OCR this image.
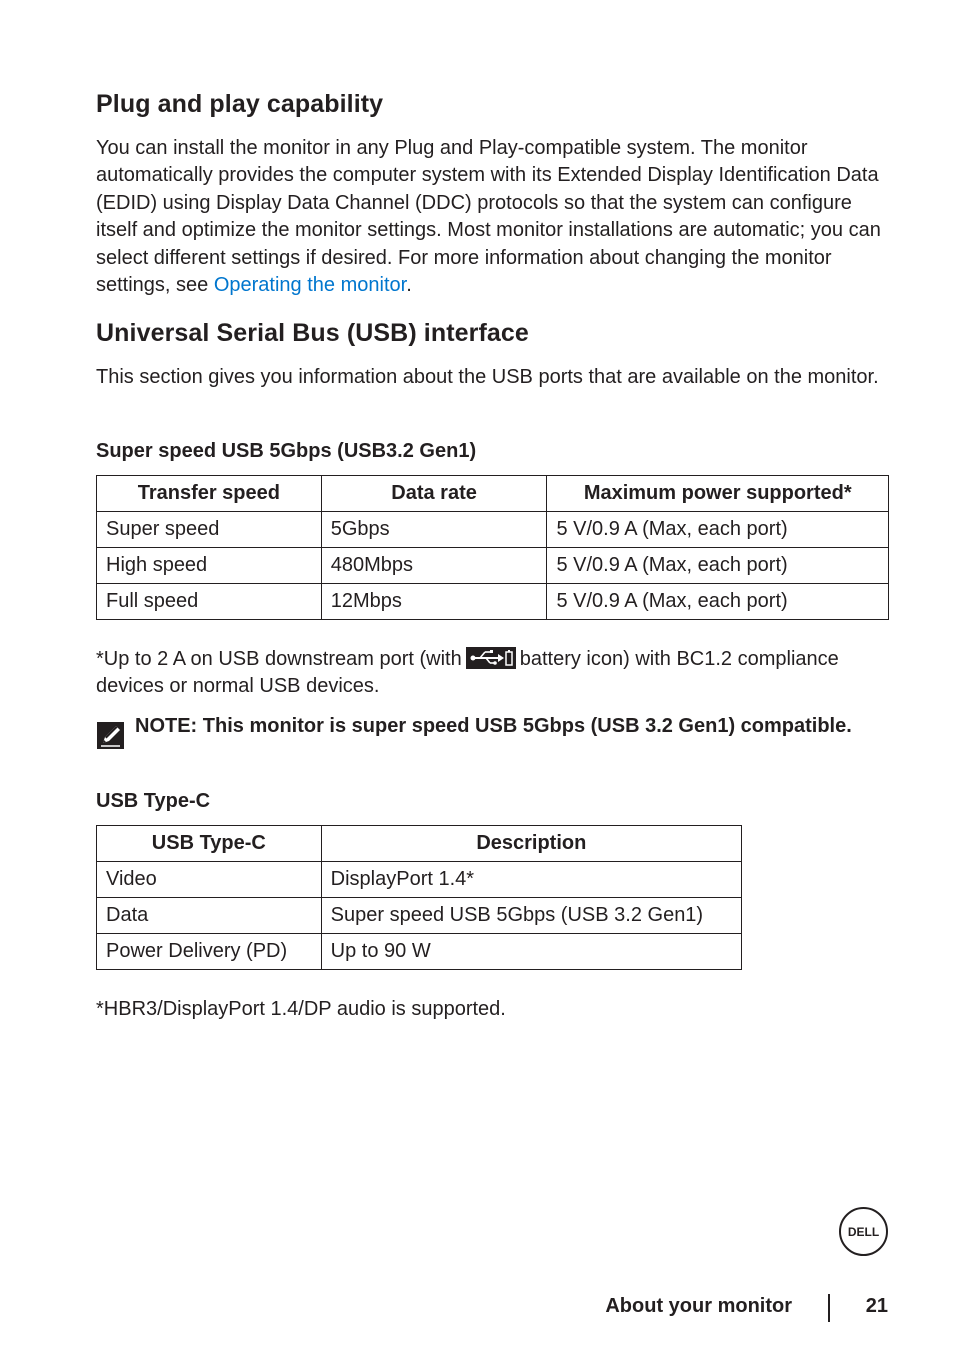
Plug and play capability

You can install the monitor in any Plug and Play-compatible system. The monitor automatically provides the computer system with its Extended Display Identification Data (EDID) using Display Data Channel (DDC) protocols so that the system can configure itself and optimize the monitor settings. Most monitor installations are automatic; you can select different settings if desired. For more information about changing the monitor settings, see Operating the monitor.

Universal Serial Bus (USB) interface

This section gives you information about the USB ports that are available on the monitor.

Super speed USB 5Gbps (USB3.2 Gen1)
Transfer speed	Data rate	Maximum power supported*
Super speed	5Gbps	5 V/0.9 A (Max, each port)
High speed	480Mbps	5 V/0.9 A (Max, each port)
Full speed	12Mbps	5 V/0.9 A (Max, each port)

*Up to 2 A on USB downstream port (with	battery icon) with BC1.2 compliance devices or normal USB devices.

NOTE: This monitor is super speed USB 5Gbps (USB 3.2 Gen1) compatible.

USB Type-C
USB Type-C	Description
Video	DisplayPort 1.4*
Data	Super speed USB 5Gbps (USB 3.2 Gen1)
Power Delivery (PD)	Up to 90 W

*HBR3/DisplayPort 1.4/DP audio is supported.

DELL
About your monitor	21
